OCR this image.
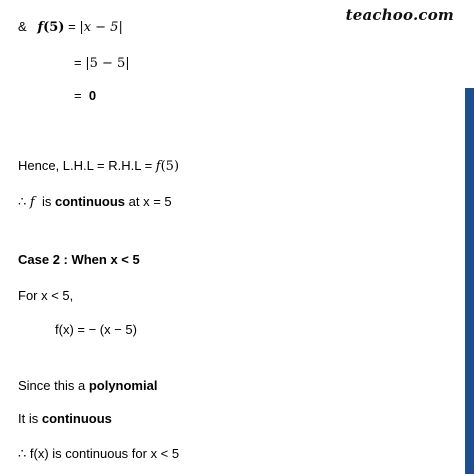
teachoo.com
& f(5) = |x − 5|
= |5 − 5|
= 0
Hence, L.H.L = R.H.L = f(5)
∴ f is continuous at x = 5
Case 2 : When x < 5
For x < 5,
f(x) = − (x − 5)
Since this a polynomial
It is continuous
∴ f(x) is continuous for x < 5
